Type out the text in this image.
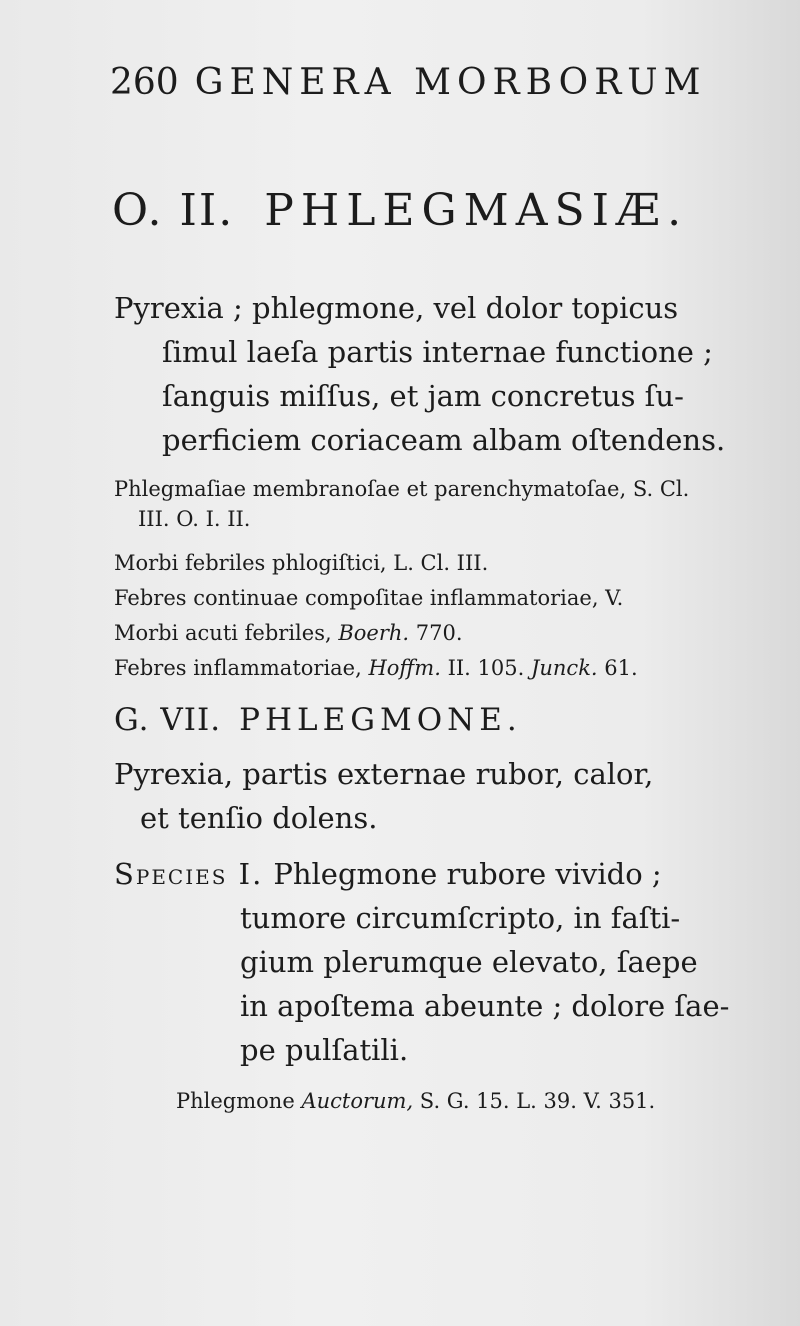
260 GENERA MORBORUM
O. II. PHLEGMASIÆ.
Pyrexia ; phlegmone, vel dolor topicus
ſimul laeſa partis internae functione ;
ſanguis miſſus, et jam concretus ſu-
perficiem coriaceam albam oſtendens.
Phlegmaſiae membranoſae et parenchymatoſae, S. Cl.
III. O. I. II.
Morbi febriles phlogiſtici, L. Cl. III.
Febres continuae compoſitae inflammatoriae, V.
Morbi acuti febriles, Boerh. 770.
Febres inflammatoriae, Hoffm. II. 105. Junck. 61.
G. VII. PHLEGMONE.
Pyrexia, partis externae rubor, calor,
et tenſio dolens.
Species I. Phlegmone rubore vivido ;
tumore circumſcripto, in faſti-
gium plerumque elevato, ſaepe
in apoſtema abeunte ; dolore ſae-
pe pulſatili.
Phlegmone Auctorum, S. G. 15. L. 39. V. 351.
